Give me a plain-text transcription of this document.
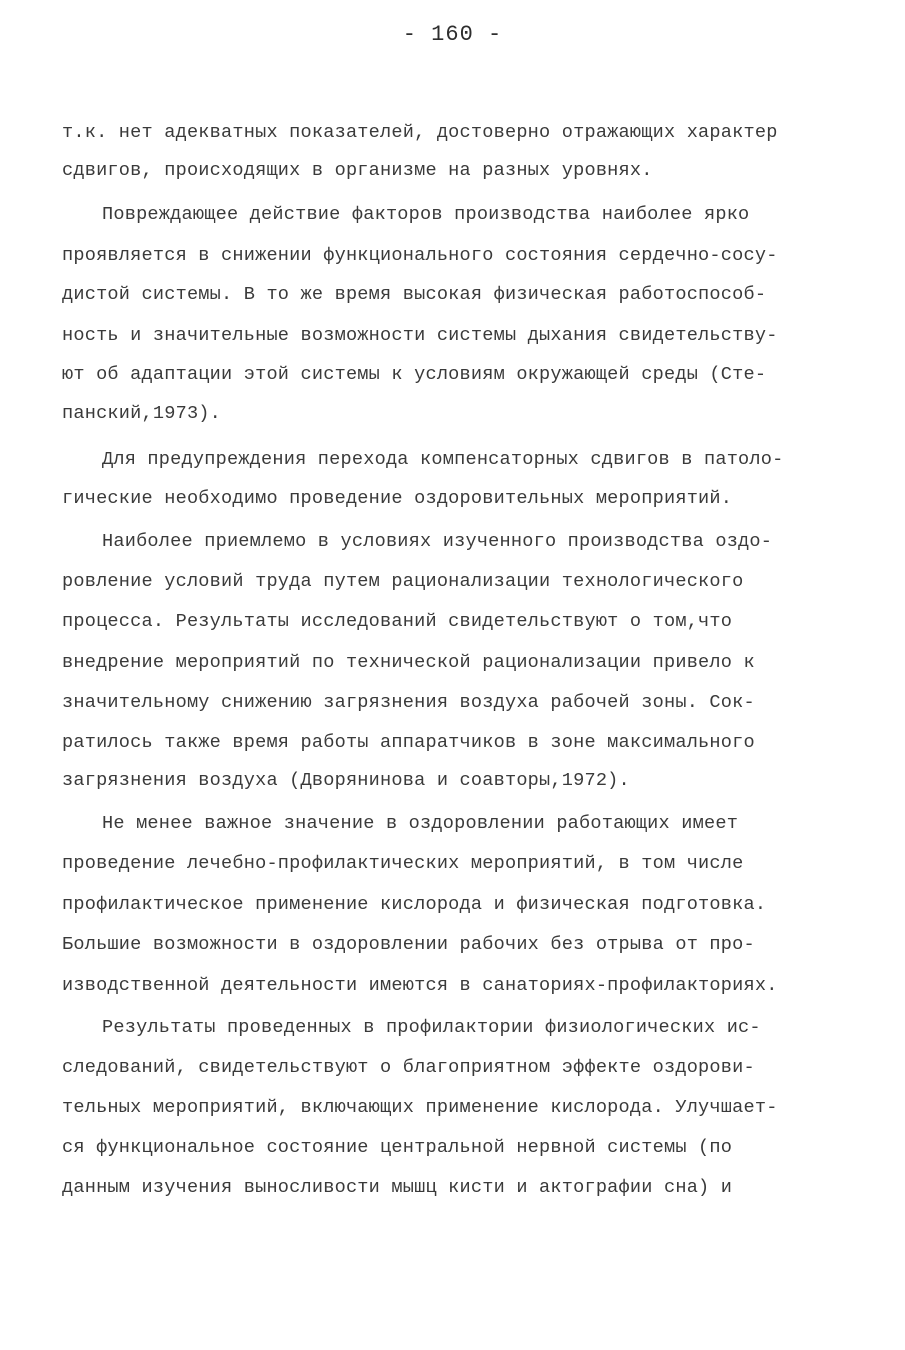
- 160 -
т.к. нет адекватных показателей, достоверно отражающих характер
сдвигов, происходящих в организме на разных уровнях.
Повреждающее действие факторов производства наиболее ярко
проявляется в снижении функционального состояния сердечно-сосу-
дистой системы. В то же время высокая физическая работоспособ-
ность и значительные возможности системы дыхания свидетельству-
ют об адаптации этой системы к условиям окружающей среды (Сте-
панский,1973).
Для предупреждения перехода компенсаторных сдвигов в патоло-
гические необходимо проведение оздоровительных мероприятий.
Наиболее приемлемо в условиях изученного производства оздо-
ровление условий труда путем рационализации технологического
процесса. Результаты исследований свидетельствуют о том,что
внедрение мероприятий по технической рационализации привело к
значительному снижению загрязнения воздуха рабочей зоны. Сок-
ратилось также время работы аппаратчиков в зоне максимального
загрязнения воздуха (Дворянинова и соавторы,1972).
Не менее важное значение в оздоровлении работающих имеет
проведение лечебно-профилактических мероприятий, в том числе
профилактическое применение кислорода и физическая подготовка.
Большие возможности в оздоровлении рабочих без отрыва от про-
изводственной деятельности имеются в санаториях-профилакториях.
Результаты проведенных в профилактории физиологических ис-
следований, свидетельствуют о благоприятном эффекте оздорови-
тельных мероприятий, включающих применение кислорода. Улучшает-
ся функциональное состояние центральной нервной системы (по
данным изучения выносливости мышц кисти и актографии сна) и
